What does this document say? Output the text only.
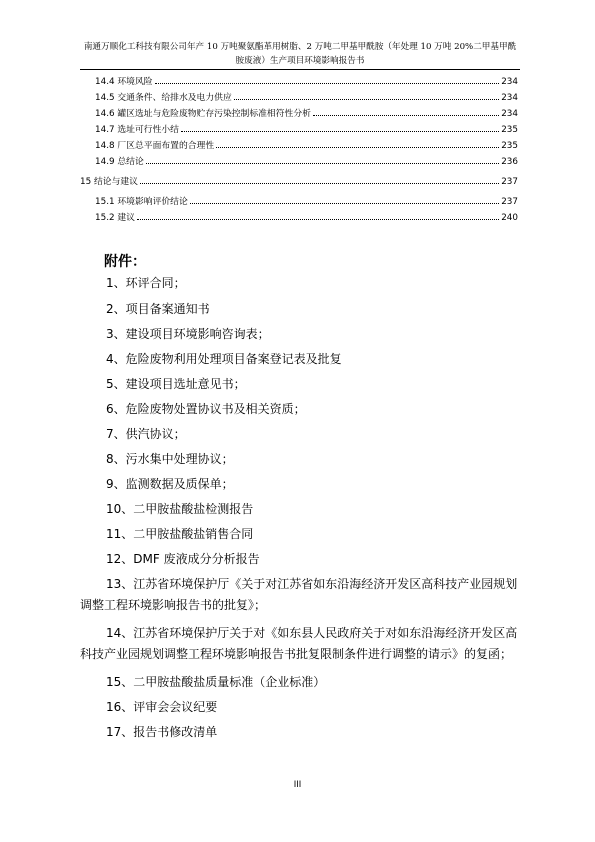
南通万顺化工科技有限公司年产 10 万吨聚氨酯革用树脂、2 万吨二甲基甲酰胺（年处理 10 万吨 20%二甲基甲酰
胺废液）生产项目环境影响报告书
14.4 环境风险	234
14.5 交通条件、给排水及电力供应	234
14.6 罐区选址与危险废物贮存污染控制标准相符性分析	234
14.7 选址可行性小结	235
14.8 厂区总平面布置的合理性	235
14.9 总结论	236
15 结论与建议	237
15.1 环境影响评价结论	237
15.2 建议	240
附件：
1、环评合同；
2、项目备案通知书
3、建设项目环境影响咨询表；
4、危险废物利用处理项目备案登记表及批复
5、建设项目选址意见书；
6、危险废物处置协议书及相关资质；
7、供汽协议；
8、污水集中处理协议；
9、监测数据及质保单；
10、二甲胺盐酸盐检测报告
11、二甲胺盐酸盐销售合同
12、DMF 废液成分分析报告
13、江苏省环境保护厅《关于对江苏省如东沿海经济开发区高科技产业园规划调整工程环境影响报告书的批复》；
14、江苏省环境保护厅关于对《如东县人民政府关于对如东沿海经济开发区高科技产业园规划调整工程环境影响报告书批复限制条件进行调整的请示》的复函；
15、二甲胺盐酸盐质量标准（企业标准）
16、评审会会议纪要
17、报告书修改清单
III
